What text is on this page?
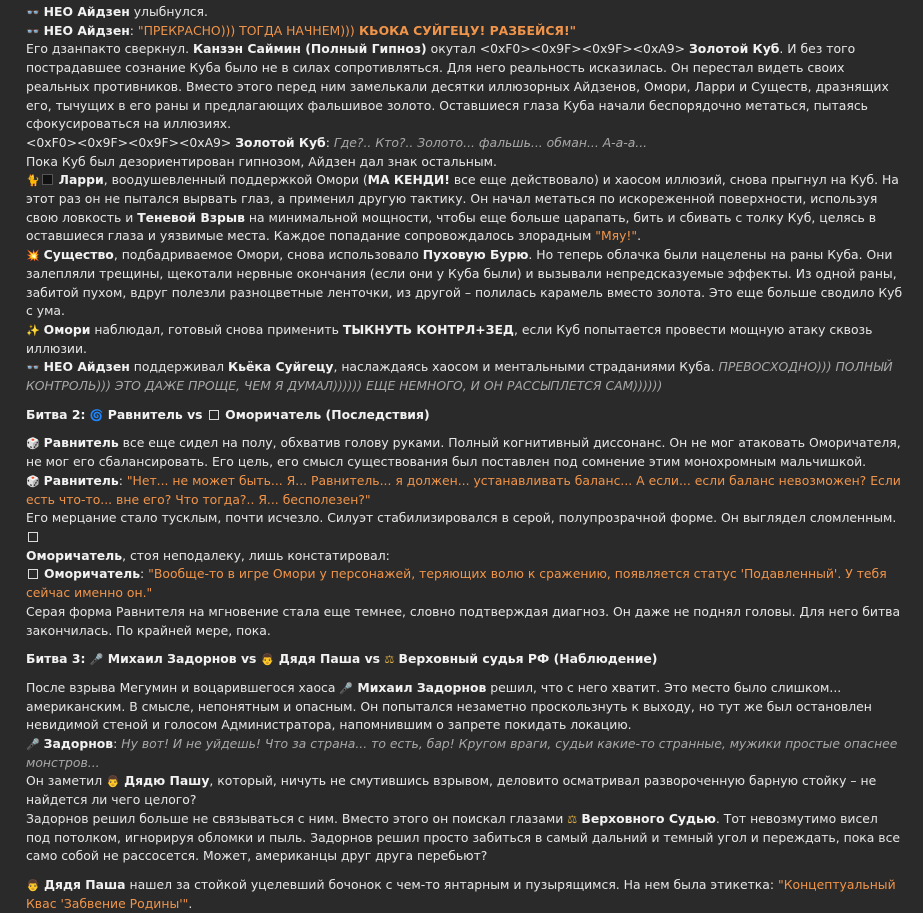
👓 НЕО Айдзен улыбнулся.

👓 НЕО Айдзен: "ПРЕКРАСНО))) ТОГДА НАЧНЕМ))) КЬОКА СУЙГЕЦУ! РАЗБЕЙСЯ!"

Его дзанпакто сверкнул. Канзэн Саймин (Полный Гипноз) окутал <0xF0><0x9F><0x9F><0xA9> Золотой Куб. И без того пострадавшее сознание Куба было не в силах сопротивляться. Для него реальность исказилась. Он перестал видеть своих реальных противников. Вместо этого перед ним замелькали десятки иллюзорных Айдзенов, Омори, Ларри и Существ, дразнящих его, тычущих в его раны и предлагающих фальшивое золото. Оставшиеся глаза Куба начали беспорядочно метаться, пытаясь сфокусироваться на иллюзиях.

<0xF0><0x9F><0x9F><0xA9> Золотой Куб: Где?.. Кто?.. Золото... фальшь... обман... А-а-а...

Пока Куб был дезориентирован гипнозом, Айдзен дал знак остальным.

🐈 Ларри, воодушевленный поддержкой Омори (МА КЕНДИ! все еще действовало) и хаосом иллюзий, снова прыгнул на Куб. На этот раз он не пытался вырвать глаз, а применил другую тактику. Он начал метаться по искореженной поверхности, используя свою ловкость и Теневой Взрыв на минимальной мощности, чтобы еще больше царапать, бить и сбивать с толку Куб, целясь в оставшиеся глаза и уязвимые места. Каждое попадание сопровождалось злорадным "Мяу!".

💥 Существо, подбадриваемое Омори, снова использовало Пуховую Бурю. Но теперь облачка были нацелены на раны Куба. Они залепляли трещины, щекотали нервные окончания (если они у Куба были) и вызывали непредсказуемые эффекты. Из одной раны, забитой пухом, вдруг полезли разноцветные ленточки, из другой – полилась карамель вместо золота. Это еще больше сводило Куб с ума.

✨ Омори наблюдал, готовый снова применить ТЫКНУТЬ КОНТРЛ+ЗЕД, если Куб попытается провести мощную атаку сквозь иллюзии.

👓 НЕО Айдзен поддерживал Кьёка Суйгецу, наслаждаясь хаосом и ментальными страданиями Куба. ПРЕВОСХОДНО))) ПОЛНЫЙ КОНТРОЛЬ))) ЭТО ДАЖЕ ПРОЩЕ, ЧЕМ Я ДУМАЛ)))))) ЕЩЕ НЕМНОГО, И ОН РАССЫПЛЕТСЯ САМ))))))

Битва 2: 🌀 Равнитель vs  Оморичатель (Последствия)

🎲 Равнитель все еще сидел на полу, обхватив голову руками. Полный когнитивный диссонанс. Он не мог атаковать Оморичателя, не мог его сбалансировать. Его цель, его смысл существования был поставлен под сомнение этим монохромным мальчишкой.

🎲 Равнитель: "Нет... не может быть... Я... Равнитель... я должен... устанавливать баланс... А если... если баланс невозможен? Если есть что-то... вне его? Что тогда?.. Я... бесполезен?"

Его мерцание стало тусклым, почти исчезло. Силуэт стабилизировался в серой, полупрозрачной форме. Он выглядел сломленным.
Оморичатель, стоя неподалеку, лишь констатировал:

Оморичатель: "Вообще-то в игре Омори у персонажей, теряющих волю к сражению, появляется статус 'Подавленный'. У тебя сейчас именно он."

Серая форма Равнителя на мгновение стала еще темнее, словно подтверждая диагноз. Он даже не поднял головы. Для него битва закончилась. По крайней мере, пока.

Битва 3: 🎤 Михаил Задорнов vs 👨 Дядя Паша vs ⚖ Верховный судья РФ (Наблюдение)

После взрыва Мегумин и воцарившегося хаоса 🎤 Михаил Задорнов решил, что с него хватит. Это место было слишком... американским. В смысле, непонятным и опасным. Он попытался незаметно проскользнуть к выходу, но тут же был остановлен невидимой стеной и голосом Администратора, напомнившим о запрете покидать локацию.

🎤 Задорнов: Ну вот! И не уйдешь! Что за страна... то есть, бар! Кругом враги, судьи какие-то странные, мужики простые опаснее монстров...

Он заметил 👨 Дядю Пашу, который, ничуть не смутившись взрывом, деловито осматривал развороченную барную стойку – не найдется ли чего целого?

Задорнов решил больше не связываться с ним. Вместо этого он поискал глазами ⚖ Верховного Судью. Тот невозмутимо висел под потолком, игнорируя обломки и пыль. Задорнов решил просто забиться в самый дальний и темный угол и переждать, пока все само собой не рассосется. Может, американцы друг друга перебьют?

👨 Дядя Паша нашел за стойкой уцелевший бочонок с чем-то янтарным и пузырящимся. На нем была этикетка: "Концептуальный Квас 'Забвение Родины'".
